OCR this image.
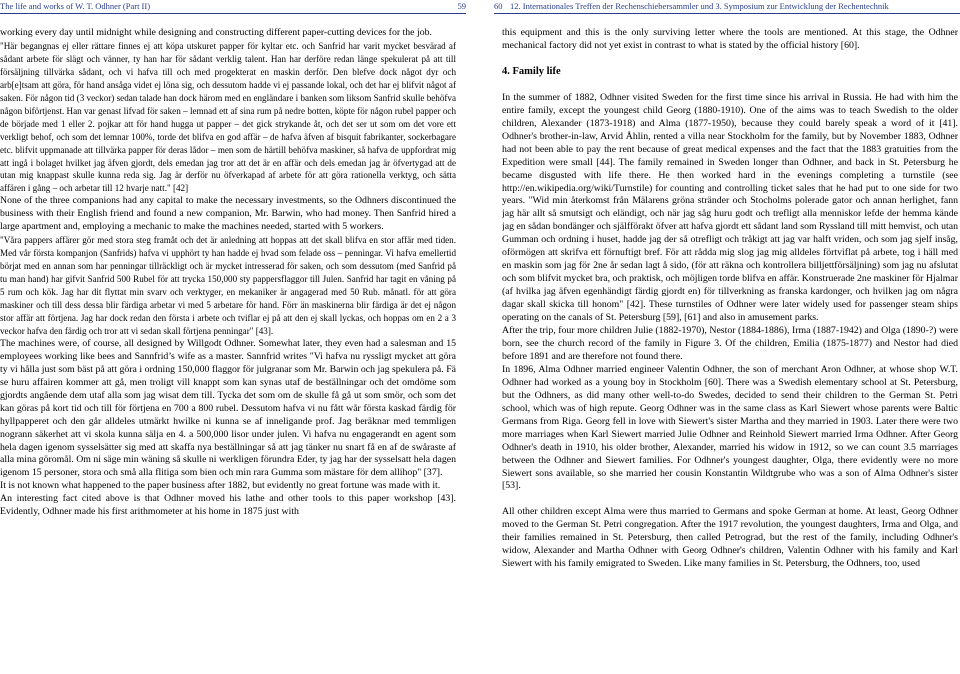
The life and works of W. T. Odhner (Part II)	59	60 12. Internationales Treffen der Rechenschiebersammler und 3. Symposium zur Entwicklung der Rechentechnik

working every day until midnight while designing and constructing different paper-cutting devices for the job.

"Här begangnas ej eller rättare finnes ej att köpa utskuret papper för kyltar etc. och Sanfrid har varit mycket besvärad af sådant arbete för slägt och vänner, ty han har för sådant verklig talent. Han har derföre redan länge spekulerat på att till försäljning tillvärka sådant, och vi hafva till och med progekterat en maskin derför. Den blefve dock något dyr och arb[e]tsam att göra, för hand ansåga videt ej löna sig, och dessutom hadde vi ej passande lokal, och det har ej blifvit något af saken. För någon tid (3 veckor) sedan talade han dock härom med en engländare i banken som liksom Sanfrid skulle behöfva någon biförtjenst. Han var genast lifvad för saken – lemnad ett af sina rum på nedre botten, köpte för någon rubel papper och de började med 1 eller 2. pojkar att för hand hugga ut papper – det gick strykande åt, och det ser ut som om det vore ett verkligt behof, och som det lemnar 100%, torde det blifva en god affär – de hafva äfven af bisquit fabrikanter, sockerbagare etc. blifvit uppmanade att tillvärka papper för deras lådor – men som de härtill behöfva maskiner, så hafva de uppfordrat mig att ingå i bolaget hvilket jag äfven gjordt, dels emedan jag tror att det är en affär och dels emedan jag är öfvertygad att de utan mig knappast skulle kunna reda sig. Jag är derför nu öfverkapad af arbete för att göra rationella verktyg, och sätta affären i gång – och arbetar till 12 hvarje natt." [42]

None of the three companions had any capital to make the necessary investments, so the Odhners discontinued the business with their English friend and found a new companion, Mr. Barwin, who had money. Then Sanfrid hired a large apartment and, employing a mechanic to make the machines needed, started with 5 workers.

"Våra pappers affärer gör med stora steg framåt och det är anledning att hoppas att det skall blifva en stor affär med tiden. Med vår första kompanjon (Sanfrids) hafva vi upphört ty han hadde ej hvad som felade oss – penningar. Vi hafva emellertid börjat med en annan som har penningar tillräckligt och är mycket intresserad för saken, och som dessutom (med Sanfrid på tu man hand) har gifvit Sanfrid 500 Rubel för att trycka 150,000 sty pappersflaggor till Julen. Sanfrid har tagit en våning på 5 rum och kök. Jag har dit flyttat min svarv och verktyger, en mekaniker är angagerad med 50 Rub. månatl. för att göra maskiner och till dess dessa blir färdiga arbetar vi med 5 arbetare för hand. Förr än maskinerna blir färdiga är det ej någon stor affär att förtjena. Jag har dock redan den första i arbete och tviflar ej på att den ej skall lyckas, och hoppas om en 2 a 3 veckor hafva den färdig och tror att vi sedan skall förtjena penningar" [43].

The machines were, of course, all designed by Willgodt Odhner. Somewhat later, they even had a salesman and 15 employees working like bees and Sannfrid’s wife as a master. Sannfrid writes "Vi hafva nu ryssligt mycket att göra ty vi hålla just som bäst på att göra i ordning 150,000 flaggor för julgranar som Mr. Barwin och jag spekulera på. Fä se huru affairen kommer att gå, men troligt vill knappt som kan synas utaf de beställningar och det omdöme som gjordts angående dem utaf alla som jag wisat dem till. Tycka det som om de skulle få gå ut som smör, och som det kan göras på kort tid och till för förtjena en 700 a 800 rubel. Dessutom hafva vi nu fått wår första kaskad färdig för hyllpapperet och den går alldeles utmärkt hwilke ni kunna se af inneligande prof. Jag beräknar med temmligen nogrann säkerhet att vi skola kunna sälja en 4. a 500,000 lisor under julen. Vi hafva nu engagerandt en agent som hela dagen igenom sysselsätter sig med att skaffa nya beställningar så att jag tänker nu snart få en af de swåraste af alla mina göromål. Om ni säge min wäning så skulle ni werkligen förundra Eder, ty jag har der sysselsatt hela dagen igenom 15 personer, stora och små alla flitiga som bien och min rara Gumma som mästare för dem allihop" [37].

It is not known what happened to the paper business after 1882, but evidently no great fortune was made with it.

An interesting fact cited above is that Odhner moved his lathe and other tools to this paper workshop [43]. Evidently, Odhner made his first arithmometer at his home in 1875 just with

this equipment and this is the only surviving letter where the tools are mentioned. At this stage, the Odhner mechanical factory did not yet exist in contrast to what is stated by the official history [60].

4. Family life

In the summer of 1882, Odhner visited Sweden for the first time since his arrival in Russia. He had with him the entire family, except the youngest child Georg (1880-1910). One of the aims was to teach Swedish to the older children, Alexander (1873-1918) and Alma (1877-1950), because they could barely speak a word of it [41]. Odhner's brother-in-law, Arvid Åhlin, rented a villa near Stockholm for the family, but by November 1883, Odhner had not been able to pay the rent because of great medical expenses and the fact that the 1883 gratuities from the Expedition were small [44]. The family remained in Sweden longer than Odhner, and back in St. Petersburg he became disgusted with life there. He then worked hard in the evenings completing a turnstile (see http://en.wikipedia.org/wiki/Turnstile) for counting and controlling ticket sales that he had put to one side for two years. "Wid min återkomst från Mälarens gröna stränder och Stocholms polerade gator och annan herlighet, fann jag här allt så smutsigt och eländigt, och när jag såg huru godt och trefligt alla menniskor lefde der hemma kände jag en sådan bondänger och själfförakt öfver att hafva gjordt ett sådant land som Ryssland till mitt hemvist, och utan Gumman och ordning i huset, hadde jag der så otrefligt och tråkigt att jag var halft vriden, och som jag sjelf insåg, oförmögen att skrifva ett förnuftigt bref. För att rådda mig slog jag mig alldeles förtviflat på arbete, tog i häll med en maskin som jag för 2ne år sedan lagt å sido, (för att räkna och kontrollera billjettförsäljning) som jag nu afslutat och som blifvit mycket bra, och praktisk, och möjligen torde blifva en affär. Konstruerade 2ne maskiner för Hjalmar (af hvilka jag äfven egenhändigt färdig gjordt en) för tillverkning as franska kardonger, och hvilken jag om några dagar skall skicka till honom" [42]. These turnstiles of Odhner were later widely used for passenger steam ships operating on the canals of St. Petersburg [59], [61] and also in amusement parks.

After the trip, four more children Julie (1882-1970), Nestor (1884-1886), Irma (1887-1942) and Olga (1890-?) were born, see the church record of the family in Figure 3. Of the children, Emilia (1875-1877) and Nestor had died before 1891 and are therefore not found there.

In 1896, Alma Odhner married engineer Valentin Odhner, the son of merchant Aron Odhner, at whose shop W.T. Odhner had worked as a young boy in Stockholm [60]. There was a Swedish elementary school at St. Petersburg, but the Odhners, as did many other well-to-do Swedes, decided to send their children to the German St. Petri school, which was of high repute. Georg Odhner was in the same class as Karl Siewert whose parents were Baltic Germans from Riga. Georg fell in love with Siewert's sister Martha and they married in 1903. Later there were two more marriages when Karl Siewert married Julie Odhner and Reinhold Siewert married Irma Odhner. After Georg Odhner's death in 1910, his older brother, Alexander, married his widow in 1912, so we can count 3.5 marriages between the Odhner and Siewert families. For Odhner's youngest daughter, Olga, there evidently were no more Siewert sons available, so she married her cousin Konstantin Wildtgrube who was a son of Alma Odhner's sister [53].

All other children except Alma were thus married to Germans and spoke German at home. At least, Georg Odhner moved to the German St. Petri congregation. After the 1917 revolution, the youngest daughters, Irma and Olga, and their families remained in St. Petersburg, then called Petrograd, but the rest of the family, including Odhner's widow, Alexander and Martha Odhner with Georg Odhner's children, Valentin Odhner with his family and Karl Siewert with his family emigrated to Sweden. Like many families in St. Petersburg, the Odhners, too, used
